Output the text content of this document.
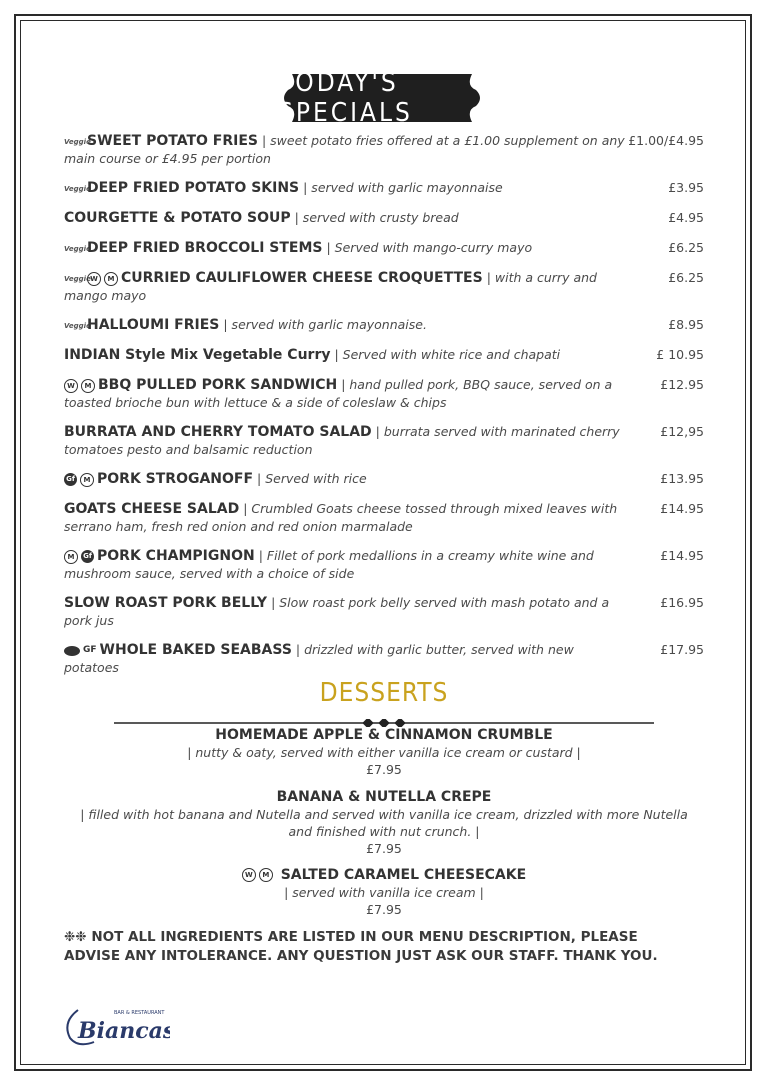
TODAY'S SPECIALS
VeggieSWEET POTATO FRIES | sweet potato fries offered at a £1.00 supplement on any main course or £4.95 per portion
£1.00/£4.95
VeggieDEEP FRIED POTATO SKINS | served with garlic mayonnaise	£3.95
COURGETTE & POTATO SOUP | served with crusty bread	£4.95
VeggieDEEP FRIED BROCCOLI STEMS | Served with mango-curry mayo	£6.25
VeggieW M CURRIED CAULIFLOWER CHEESE CROQUETTES | with a curry and mango mayo
£6.25
VeggieHALLOUMI FRIES | served with garlic mayonnaise.	£8.95
INDIAN Style Mix Vegetable Curry | Served with white rice and chapati	£ 10.95
W M BBQ PULLED PORK SANDWICH | hand pulled pork, BBQ sauce, served on a toasted brioche bun with lettuce & a side of coleslaw & chips
£12.95
BURRATA AND CHERRY TOMATO SALAD | burrata served with marinated cherry tomatoes pesto and balsamic reduction
£12,95
Gf M PORK STROGANOFF | Served with rice	£13.95
GOATS CHEESE SALAD | Crumbled Goats cheese tossed through mixed leaves with serrano ham, fresh red onion and red onion marmalade
£14.95
M Gf PORK CHAMPIGNON | Fillet of pork medallions in a creamy white wine and mushroom sauce, served with a choice of side
£14.95
SLOW ROAST PORK BELLY | Slow roast pork belly served with mash potato and a pork jus
£16.95
GF WHOLE BAKED SEABASS | drizzled with garlic butter, served with new potatoes
£17.95
DESSERTS
HOMEMADE APPLE & CINNAMON CRUMBLE
| nutty & oaty, served with either vanilla ice cream or custard |
£7.95
BANANA & NUTELLA CREPE
| filled with hot banana and Nutella and served with vanilla ice cream, drizzled with more Nutella and finished with nut crunch. |
£7.95
W M SALTED CARAMEL CHEESECAKE
| served with vanilla ice cream |
£7.95
❉❉ NOT ALL INGREDIENTS ARE LISTED IN OUR MENU DESCRIPTION, PLEASE ADVISE ANY INTOLERANCE. ANY QUESTION JUST ASK OUR STAFF. THANK YOU.
Biancas
BAR & RESTAURANT
